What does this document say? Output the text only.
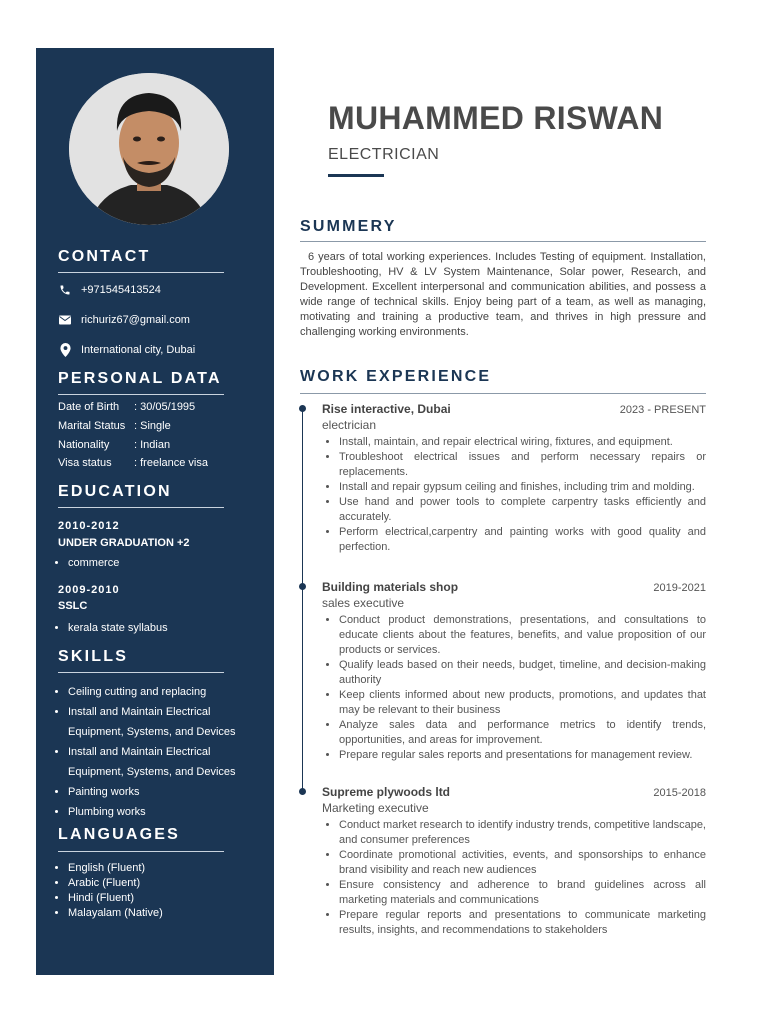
CONTACT
+971545413524
richuriz67@gmail.com
International city, Dubai
PERSONAL DATA
Date of Birth	: 30/05/1995
Marital Status : Single
Nationality	: Indian
Visa status	: freelance visa
EDUCATION
2010-2012
UNDER GRADUATION +2
• commerce
2009-2010
SSLC
• kerala state syllabus
SKILLS
• Ceiling cutting and replacing
• Install and Maintain Electrical Equipment, Systems, and Devices
• Install and Maintain Electrical Equipment, Systems, and Devices
• Painting works
• Plumbing works
LANGUAGES
• English (Fluent)
• Arabic (Fluent)
• Hindi (Fluent)
• Malayalam (Native)
MUHAMMED RISWAN
ELECTRICIAN
SUMMERY
6 years of total working experiences. Includes Testing of equipment. Installation, Troubleshooting, HV & LV System Maintenance, Solar power, Research, and Development. Excellent interpersonal and communication abilities, and possess a wide range of technical skills. Enjoy being part of a team, as well as managing, motivating and training a productive team, and thrives in high pressure and challenging working environments.
WORK EXPERIENCE
Rise interactive, Dubai	2023 - PRESENT
electrician
• Install, maintain, and repair electrical wiring, fixtures, and equipment.
• Troubleshoot electrical issues and perform necessary repairs or replacements.
• Install and repair gypsum ceiling and finishes, including trim and molding.
• Use hand and power tools to complete carpentry tasks efficiently and accurately.
• Perform electrical,carpentry and painting works with good quality and perfection.
Building materials shop	2019-2021
sales executive
• Conduct product demonstrations, presentations, and consultations to educate clients about the features, benefits, and value proposition of our products or services.
• Qualify leads based on their needs, budget, timeline, and decision-making authority
• Keep clients informed about new products, promotions, and updates that may be relevant to their business
• Analyze sales data and performance metrics to identify trends, opportunities, and areas for improvement.
• Prepare regular sales reports and presentations for management review.
Supreme plywoods ltd	2015-2018
Marketing executive
• Conduct market research to identify industry trends, competitive landscape, and consumer preferences
• Coordinate promotional activities, events, and sponsorships to enhance brand visibility and reach new audiences
• Ensure consistency and adherence to brand guidelines across all marketing materials and communications
• Prepare regular reports and presentations to communicate marketing results, insights, and recommendations to stakeholders
